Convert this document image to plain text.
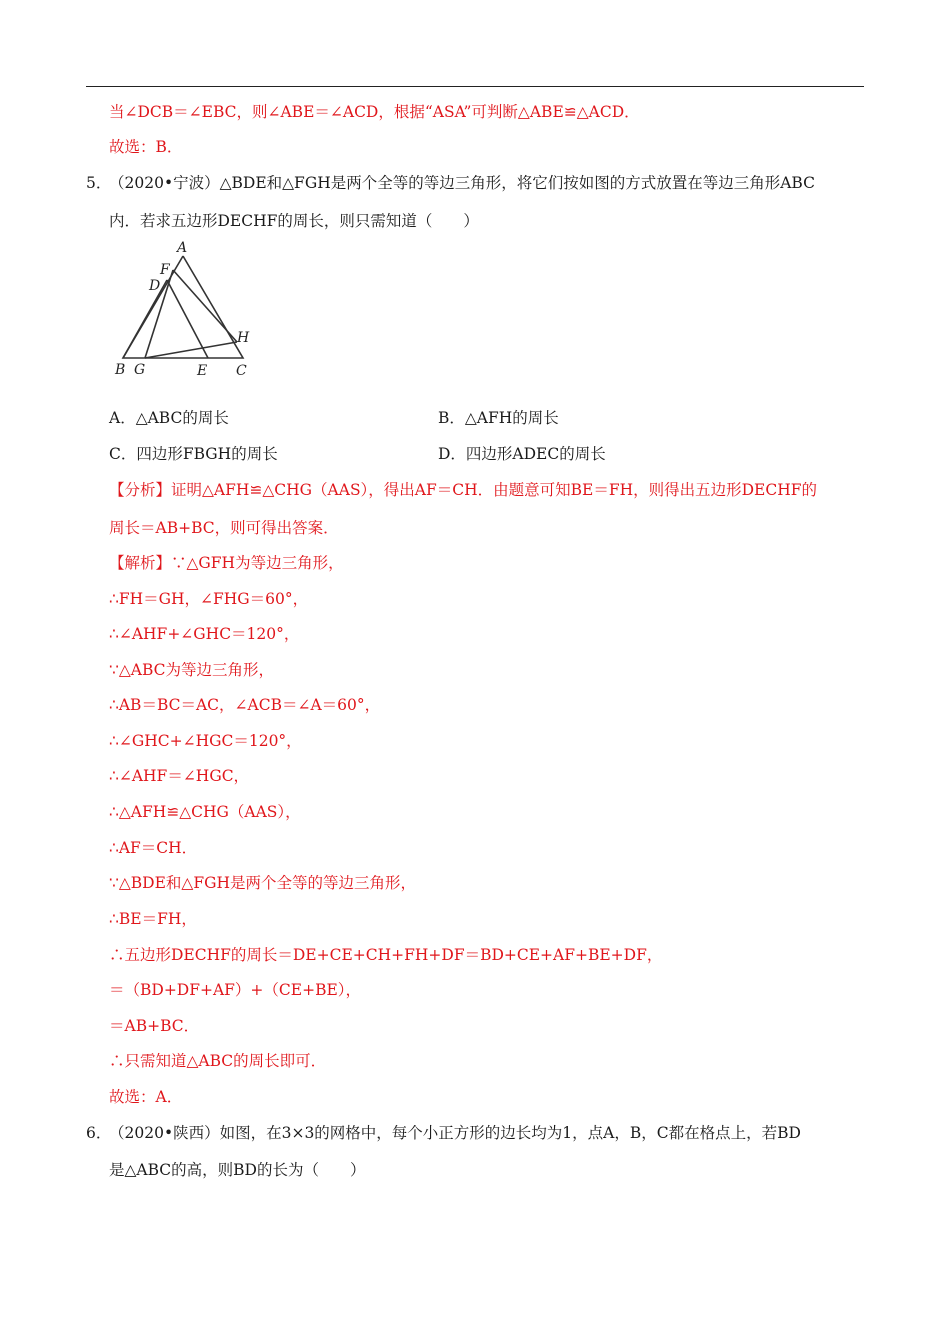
当∠DCB＝∠EBC，则∠ABE＝∠ACD，根据“ASA”可判断△ABE≌△ACD．
故选：B．
5．
（2020•宁波）△BDE和△FGH是两个全等的等边三角形，将它们按如图的方式放置在等边三角形ABC
内．若求五边形DECHF的周长，则只需知道（　　）
A
F
D
H
B G	E C
A．△ABC的周长	B．△AFH的周长
C．四边形FBGH的周长	D．四边形ADEC的周长
【分析】证明△AFH≌△CHG（AAS），得出AF＝CH．由题意可知BE＝FH，则得出五边形DECHF的
周长＝AB+BC，则可得出答案．
【解析】∵△GFH为等边三角形，
∴FH＝GH，∠FHG＝60°，
∴∠AHF+∠GHC＝120°，
∵△ABC为等边三角形，
∴AB＝BC＝AC，∠ACB＝∠A＝60°，
∴∠GHC+∠HGC＝120°，
∴∠AHF＝∠HGC，
∴△AFH≌△CHG（AAS），
∴AF＝CH．
∵△BDE和△FGH是两个全等的等边三角形，
∴BE＝FH，
∴五边形DECHF的周长＝DE+CE+CH+FH+DF＝BD+CE+AF+BE+DF，
＝（BD+DF+AF）+（CE+BE），
＝AB+BC．
∴只需知道△ABC的周长即可．
故选：A．
6．
（2020•陕西）如图，在3×3的网格中，每个小正方形的边长均为1，点A，B，C都在格点上，若BD
是△ABC的高，则BD的长为（　　）
